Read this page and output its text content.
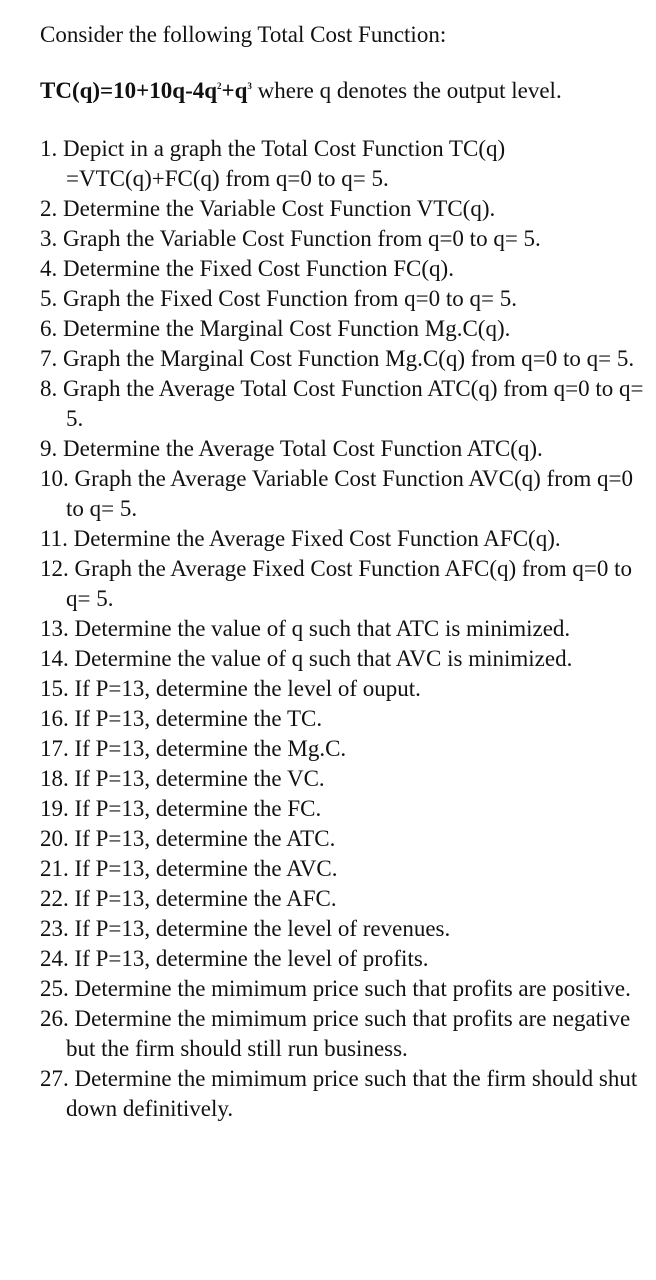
Consider the following Total Cost Function:

$TC(q)=10+10q-4q^2+q^3$ where q denotes the output level.

1. Depict in a graph the Total Cost Function TC(q) =VTC(q)+FC(q) from q=0 to q= 5.
2. Determine the Variable Cost Function VTC(q).
3. Graph the Variable Cost Function from q=0 to q= 5.
4. Determine the Fixed Cost Function FC(q).
5. Graph the Fixed Cost Function from q=0 to q= 5.
6. Determine the Marginal Cost Function Mg.C(q).
7. Graph the Marginal Cost Function Mg.C(q) from q=0 to q= 5.
8. Graph the Average Total Cost Function ATC(q) from q=0 to q= 5.
9. Determine the Average Total Cost Function ATC(q).
10. Graph the Average Variable Cost Function AVC(q) from q=0 to q= 5.
11. Determine the Average Fixed Cost Function AFC(q).
12. Graph the Average Fixed Cost Function AFC(q) from q=0 to q= 5.
13. Determine the value of q such that ATC is minimized.
14. Determine the value of q such that AVC is minimized.
15. If P=13, determine the level of ouput.
16. If P=13, determine the TC.
17. If P=13, determine the Mg.C.
18. If P=13, determine the VC.
19. If P=13, determine the FC.
20. If P=13, determine the ATC.
21. If P=13, determine the AVC.
22. If P=13, determine the AFC.
23. If P=13, determine the level of revenues.
24. If P=13, determine the level of profits.
25. Determine the mimimum price such that profits are positive.
26. Determine the mimimum price such that profits are negative but the firm should still run business.
27. Determine the mimimum price such that the firm should shut down definitively.
